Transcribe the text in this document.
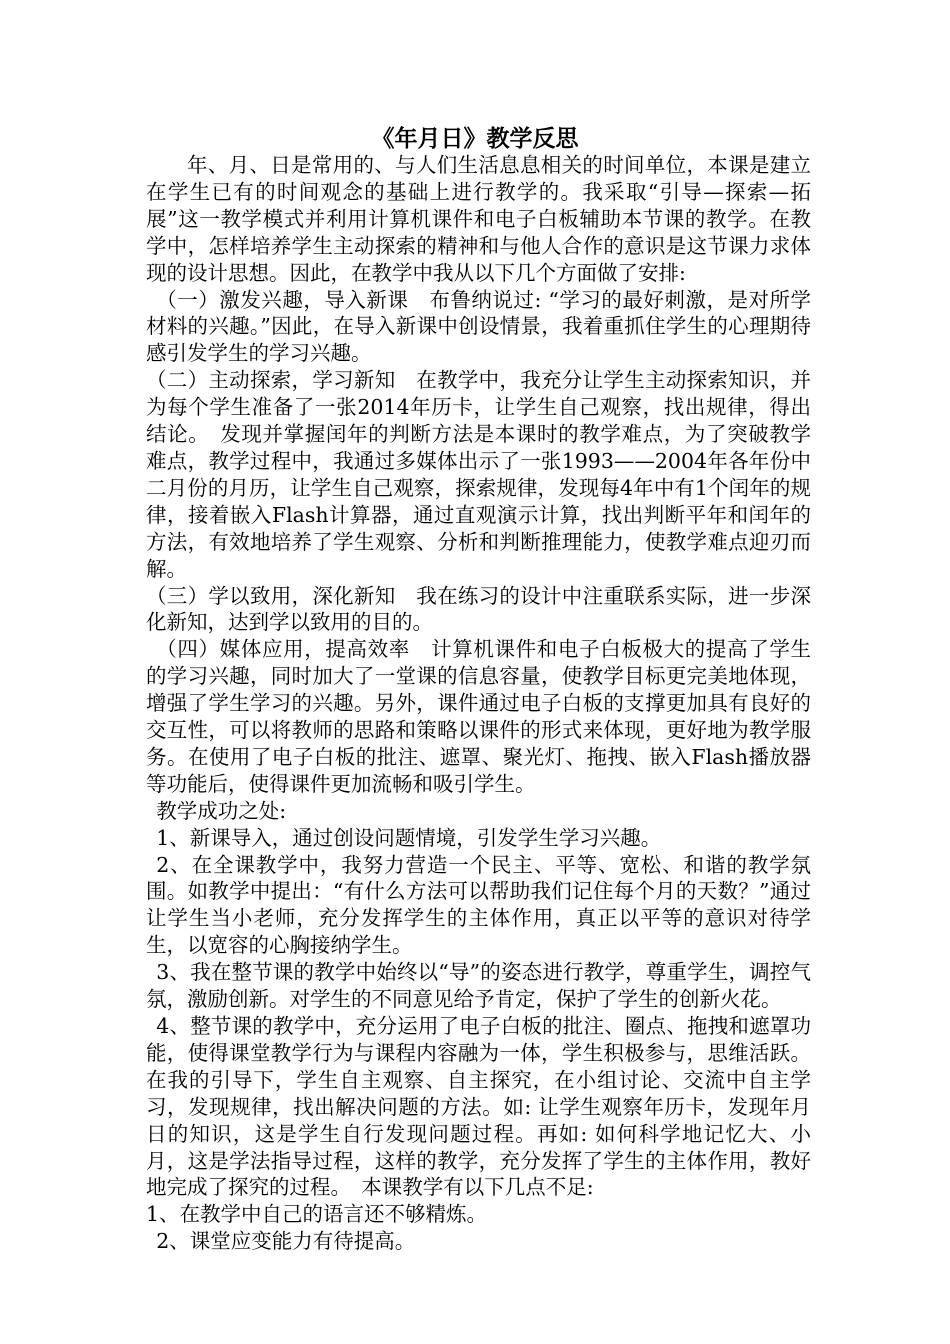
《年月日》教学反思

年、月、日是常用的、与人们生活息息相关的时间单位，本课是建立在学生已有的时间观念的基础上进行教学的。我采取“引导—探索—拓展”这一教学模式并利用计算机课件和电子白板辅助本节课的教学。在教学中，怎样培养学生主动探索的精神和与他人合作的意识是这节课力求体现的设计思想。因此，在教学中我从以下几个方面做了安排:

（一）激发兴趣，导入新课　布鲁纳说过: “学习的最好刺激，是对所学材料的兴趣。”因此，在导入新课中创设情景，我着重抓住学生的心理期待感引发学生的学习兴趣。

（二）主动探索，学习新知　在教学中，我充分让学生主动探索知识，并为每个学生准备了一张2014年历卡，让学生自己观察，找出规律，得出结论。　发现并掌握闰年的判断方法是本课时的教学难点，为了突破教学难点，教学过程中，我通过多媒体出示了一张1993——2004年各年份中二月份的月历，让学生自己观察，探索规律，发现每4年中有1个闰年的规律，接着嵌入Flash计算器，通过直观演示计算，找出判断平年和闰年的方法，有效地培养了学生观察、分析和判断推理能力，使教学难点迎刃而解。

（三）学以致用，深化新知　我在练习的设计中注重联系实际，进一步深化新知，达到学以致用的目的。

（四）媒体应用，提高效率　计算机课件和电子白板极大的提高了学生的学习兴趣，同时加大了一堂课的信息容量，使教学目标更完美地体现，增强了学生学习的兴趣。另外，课件通过电子白板的支撑更加具有良好的交互性，可以将教师的思路和策略以课件的形式来体现，更好地为教学服务。在使用了电子白板的批注、遮罩、聚光灯、拖拽、嵌入Flash播放器等功能后，使得课件更加流畅和吸引学生。

教学成功之处:

1、新课导入，通过创设问题情境，引发学生学习兴趣。

2、在全课教学中，我努力营造一个民主、平等、宽松、和谐的教学氛围。如教学中提出：“有什么方法可以帮助我们记住每个月的天数？”通过让学生当小老师，充分发挥学生的主体作用，真正以平等的意识对待学生，以宽容的心胸接纳学生。

3、我在整节课的教学中始终以“导”的姿态进行教学，尊重学生，调控气氛，激励创新。对学生的不同意见给予肯定，保护了学生的创新火花。

4、整节课的教学中，充分运用了电子白板的批注、圈点、拖拽和遮罩功能，使得课堂教学行为与课程内容融为一体，学生积极参与，思维活跃。在我的引导下，学生自主观察、自主探究，在小组讨论、交流中自主学习，发现规律，找出解决问题的方法。如: 让学生观察年历卡，发现年月日的知识，这是学生自行发现问题过程。再如: 如何科学地记忆大、小月，这是学法指导过程，这样的教学，充分发挥了学生的主体作用，教好地完成了探究的过程。　本课教学有以下几点不足:

1、在教学中自己的语言还不够精炼。

2、课堂应变能力有待提高。
